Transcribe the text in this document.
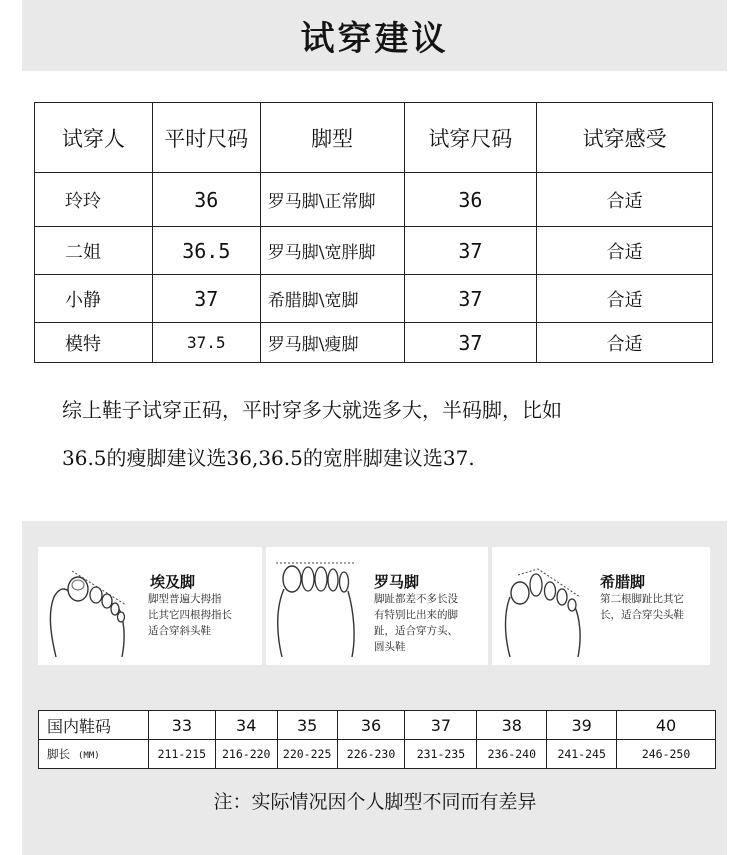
试穿建议
试穿人	平时尺码	脚型	试穿尺码	试穿感受
玲玲	36	罗马脚\正常脚	36	合适
二姐	36.5	罗马脚\宽胖脚	37	合适
小静	37	希腊脚\宽脚	37	合适
模特	37.5	罗马脚\瘦脚	37	合适

综上鞋子试穿正码，平时穿多大就选多大，半码脚，比如

36.5的瘦脚建议选36,36.5的宽胖脚建议选37.

埃及脚
脚型普遍大拇指
比其它四根拇指长
适合穿斜头鞋
罗马脚
脚趾都差不多长没
有特别比出来的脚
趾，适合穿方头、
圆头鞋
希腊脚
第二根脚趾比其它
长，适合穿尖头鞋
国内鞋码	33	34	35	36	37	38	39	40
脚长 (MM)	211-215	216-220	220-225	226-230	231-235	236-240	241-245	246-250
注：实际情况因个人脚型不同而有差异
